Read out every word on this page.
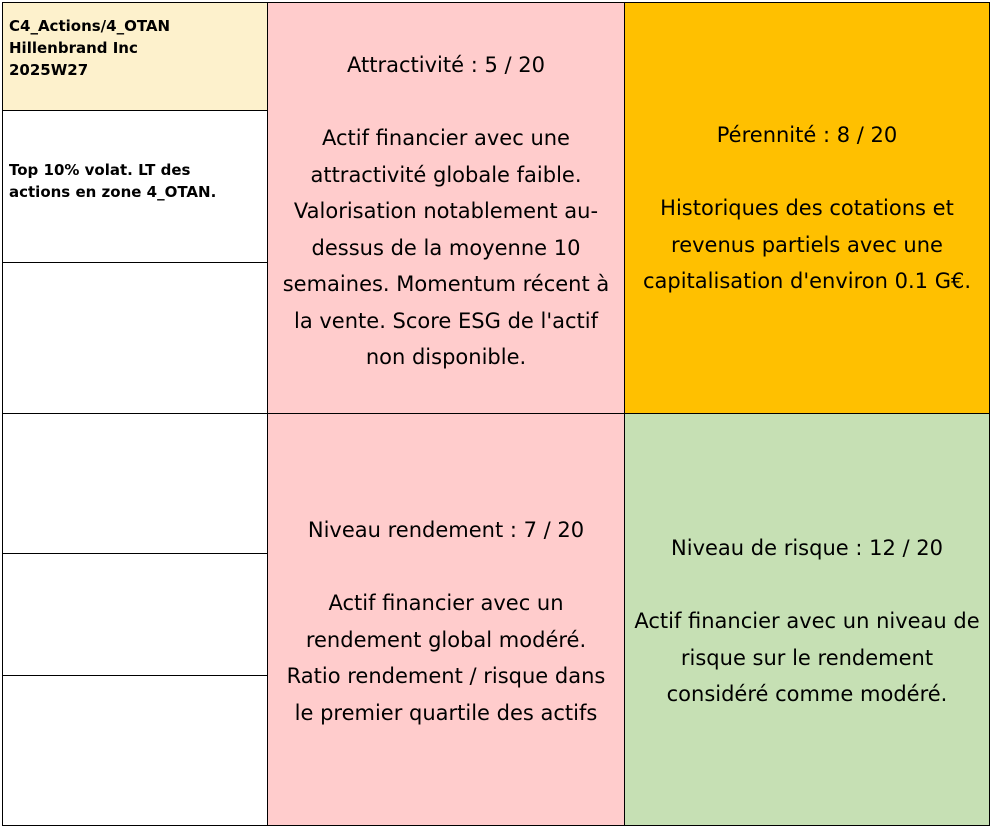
C4_Actions/4_OTAN
Hillenbrand Inc
2025W27
Top 10% volat. LT des
actions en zone 4_OTAN.

Attractivité : 5 / 20

Actif financier avec une

attractivité globale faible.

Valorisation notablement au-

dessus de la moyenne 10

semaines. Momentum récent à

la vente. Score ESG de l'actif

non disponible.

Pérennité : 8 / 20

Historiques des cotations et

revenus partiels avec une

capitalisation d'environ 0.1 G€.

Niveau rendement : 7 / 20

Actif financier avec un

rendement global modéré.

Ratio rendement / risque dans

le premier quartile des actifs

Niveau de risque : 12 / 20

Actif financier avec un niveau de

risque sur le rendement

considéré comme modéré.
